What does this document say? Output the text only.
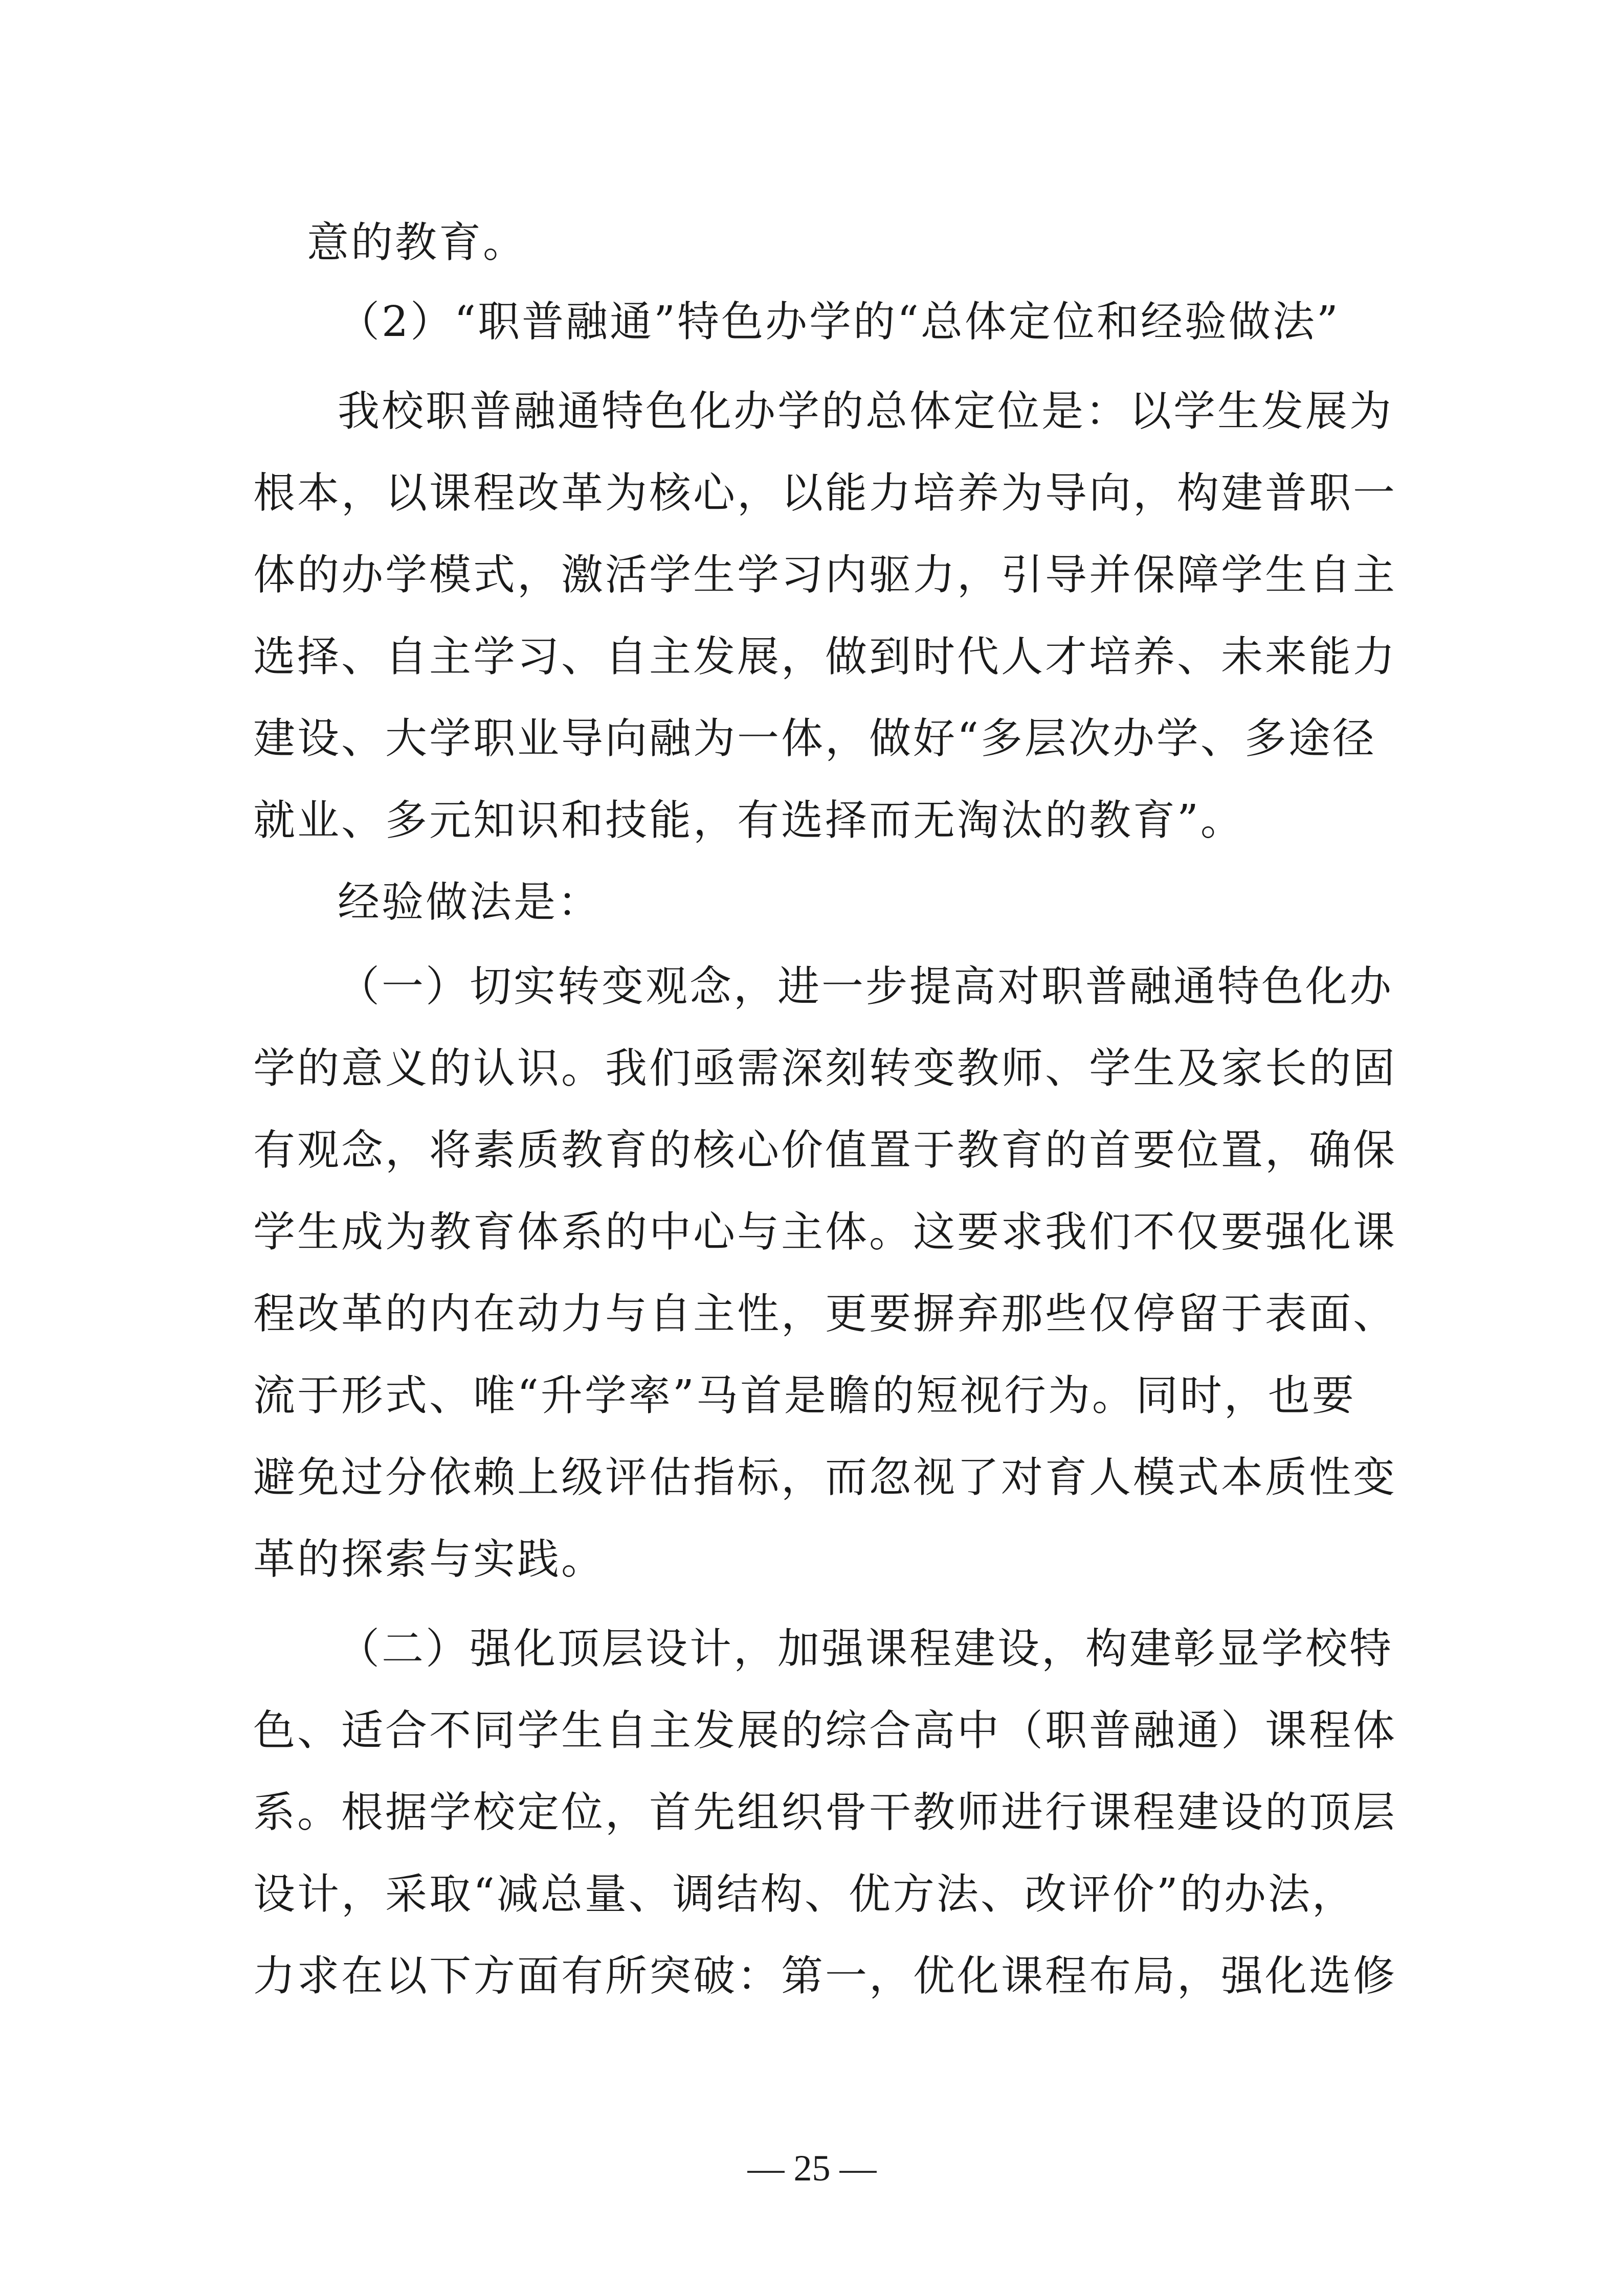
意的教育。
（2）“职普融通”特色办学的“总体定位和经验做法”
我校职普融通特色化办学的总体定位是：以学生发展为
根本，以课程改革为核心，以能力培养为导向，构建普职一
体的办学模式，激活学生学习内驱力，引导并保障学生自主
选择、自主学习、自主发展，做到时代人才培养、未来能力
建设、大学职业导向融为一体，做好“多层次办学、多途径
就业、多元知识和技能，有选择而无淘汰的教育”。
经验做法是：
（一）切实转变观念，进一步提高对职普融通特色化办
学的意义的认识。我们亟需深刻转变教师、学生及家长的固
有观念，将素质教育的核心价值置于教育的首要位置，确保
学生成为教育体系的中心与主体。这要求我们不仅要强化课
程改革的内在动力与自主性，更要摒弃那些仅停留于表面、
流于形式、唯“升学率”马首是瞻的短视行为。同时，也要
避免过分依赖上级评估指标，而忽视了对育人模式本质性变
革的探索与实践。
（二）强化顶层设计，加强课程建设，构建彰显学校特
色、适合不同学生自主发展的综合高中（职普融通）课程体
系。根据学校定位，首先组织骨干教师进行课程建设的顶层
设计，采取“减总量、调结构、优方法、改评价”的办法，
力求在以下方面有所突破：第一，优化课程布局，强化选修
— 25 —
